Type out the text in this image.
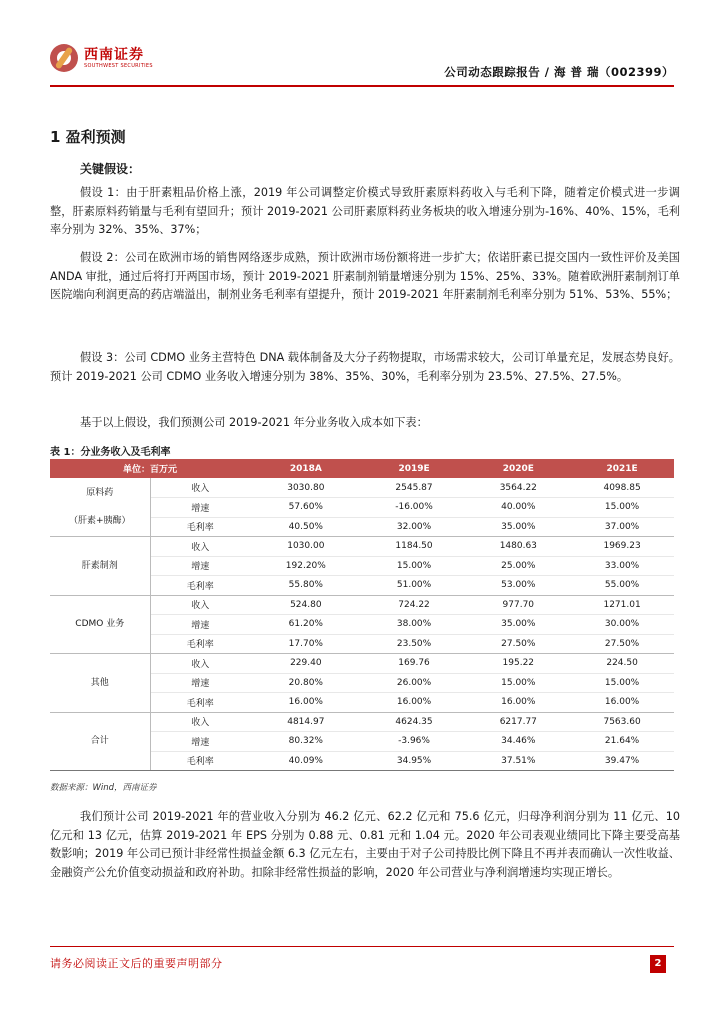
西南证券
SOUTHWEST SECURITIES	公司动态跟踪报告 / 海 普 瑞（002399）
1 盈利预测
关键假设：

假设 1：由于肝素粗品价格上涨，2019 年公司调整定价模式导致肝素原料药收入与毛利下降，随着定价模式进一步调整，肝素原料药销量与毛利有望回升；预计 2019-2021 公司肝素原料药业务板块的收入增速分别为-16%、40%、15%，毛利率分别为 32%、35%、37%；

假设 2：公司在欧洲市场的销售网络逐步成熟，预计欧洲市场份额将进一步扩大；依诺肝素已提交国内一致性评价及美国 ANDA 审批，通过后将打开两国市场，预计 2019-2021 肝素制剂销量增速分别为 15%、25%、33%。随着欧洲肝素制剂订单医院端向利润更高的药店端溢出，制剂业务毛利率有望提升，预计 2019-2021 年肝素制剂毛利率分别为 51%、53%、55%；

假设 3：公司 CDMO 业务主营特色 DNA 载体制备及大分子药物提取，市场需求较大，公司订单量充足，发展态势良好。预计 2019-2021 公司 CDMO 业务收入增速分别为 38%、35%、30%，毛利率分别为 23.5%、27.5%、27.5%。

基于以上假设，我们预测公司 2019-2021 年分业务收入成本如下表：

表 1：分业务收入及毛利率
单位：百万元		2018A	2019E	2020E	2021E
原料药

（肝素+胰酶）	收入	3030.80	2545.87	3564.22	4098.85
	增速	57.60%	-16.00%	40.00%	15.00%
	毛利率	40.50%	32.00%	35.00%	37.00%
肝素制剂	收入	1030.00	1184.50	1480.63	1969.23
	增速	192.20%	15.00%	25.00%	33.00%
	毛利率	55.80%	51.00%	53.00%	55.00%
CDMO 业务	收入	524.80	724.22	977.70	1271.01
	增速	61.20%	38.00%	35.00%	30.00%
	毛利率	17.70%	23.50%	27.50%	27.50%
其他	收入	229.40	169.76	195.22	224.50
	增速	20.80%	26.00%	15.00%	15.00%
	毛利率	16.00%	16.00%	16.00%	16.00%
合计	收入	4814.97	4624.35	6217.77	7563.60
	增速	80.32%	-3.96%	34.46%	21.64%
	毛利率	40.09%	34.95%	37.51%	39.47%
数据来源：Wind，西南证券

我们预计公司 2019-2021 年的营业收入分别为 46.2 亿元、62.2 亿元和 75.6 亿元，归母净利润分别为 11 亿元、10 亿元和 13 亿元，估算 2019-2021 年 EPS 分别为 0.88 元、0.81 元和 1.04 元。2020 年公司表观业绩同比下降主要受高基数影响；2019 年公司已预计非经常性损益金额 6.3 亿元左右，主要由于对子公司持股比例下降且不再并表而确认一次性收益、金融资产公允价值变动损益和政府补助。扣除非经常性损益的影响，2020 年公司营业与净利润增速均实现正增长。

请务必阅读正文后的重要声明部分	2
